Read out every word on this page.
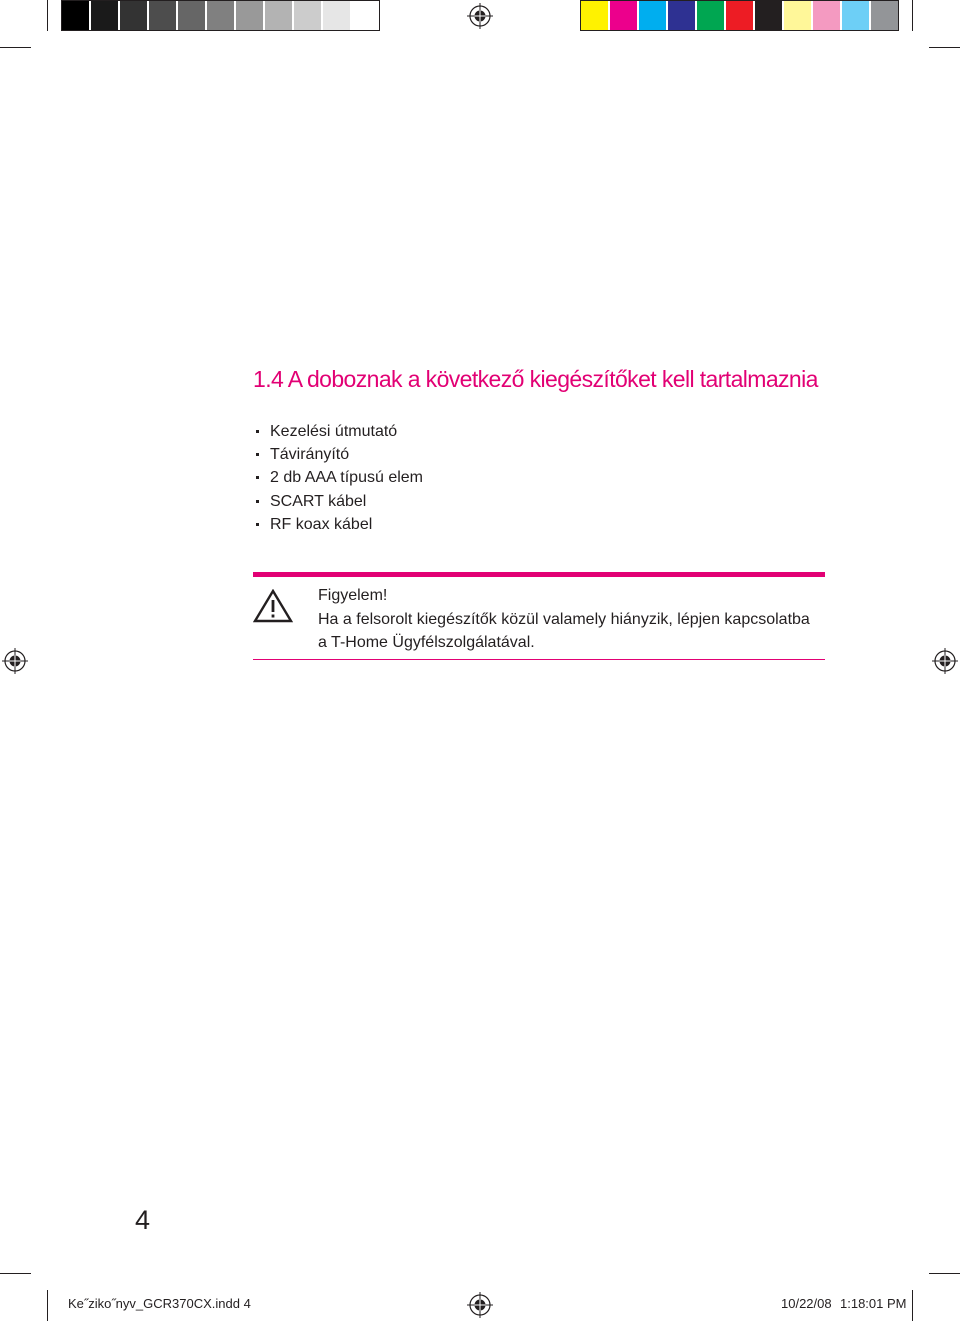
1.4 A doboznak a következő kiegészítőket kell tartalmaznia
Kezelési útmutató
Távirányító
2 db AAA típusú elem
SCART kábel
RF koax kábel
Figyelem!
Ha a felsorolt kiegészítők közül valamely hiányzik, lépjen kapcsolatba
a T-Home Ügyfélszolgálatával.
4
Ke˝ziko˝nyv_GCR370CX.indd 4	10/22/08 1:18:01 PM
